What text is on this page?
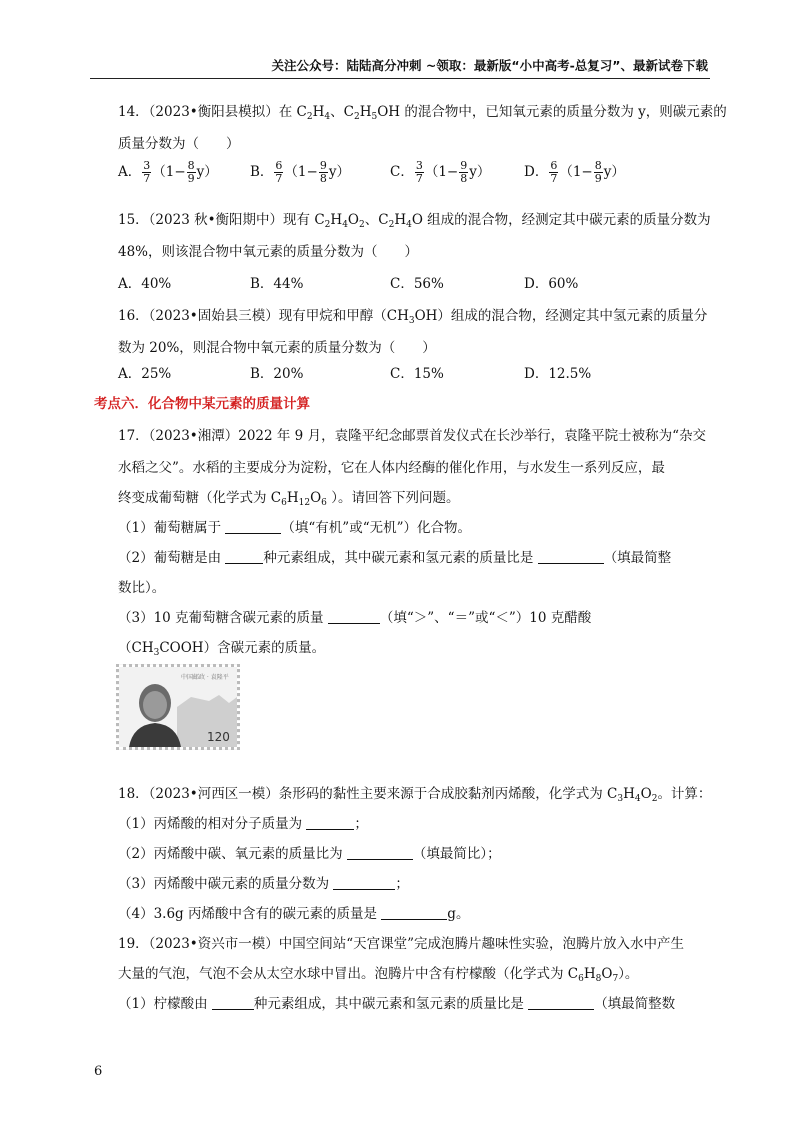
关注公众号：陆陆高分冲刺 ~领取：最新版“小中高考-总复习”、最新试卷下载
14．（2023•衡阳县模拟）在 $C_2H_4$、$C_2H_5OH$ 的混合物中，已知氧元素的质量分数为 y，则碳元素的
质量分数为（　　）
A． $\frac{3}{7} (1- \frac{8}{9} y)$ B． $\frac{6}{7} (1- \frac{9}{8} y)$	C． $\frac{3}{7} (1- \frac{9}{8} y)$ D． $\frac{6}{7} (1- \frac{8}{9} y)$
15．（2023 秋•衡阳期中）现有 $C_2H_4O_2$、$C_2H_4O$ 组成的混合物，经测定其中碳元素的质量分数为
48%，则该混合物中氧元素的质量分数为（　　）
A．40%	B．44%	C．56%	D．60%
16．（2023•固始县三模）现有甲烷和甲醇$(CH_3OH)$组成的混合物，经测定其中氢元素的质量分
数为 20%，则混合物中氧元素的质量分数为（　　）
A．25%	B．20%	C．15%	D．12.5%
考点六．化合物中某元素的质量计算
17．（2023•湘潭）2022 年 9 月，袁隆平纪念邮票首发仪式在长沙举行，袁隆平院士被称为“杂交
水稻之父”。水稻的主要成分为淀粉，它在人体内经酶的催化作用，与水发生一系列反应，最
终变成葡萄糖（化学式为 $C_6H_{12}O_6$ ）。请回答下列问题。
（1）葡萄糖属于	（填“有机”或“无机”）化合物。
（2）葡萄糖是由	种元素组成，其中碳元素和氢元素的质量比是	（填最简整
数比）。
（3）10 克葡萄糖含碳元素的质量	（填“＞”、“＝”或“＜”）10 克醋酸
$(CH_3COOH)$含碳元素的质量。
18．（2023•河西区一模）条形码的黏性主要来源于合成胶黏剂丙烯酸，化学式为 $C_3H_4O_2$。计算：
（1）丙烯酸的相对分子质量为	；
（2）丙烯酸中碳、氧元素的质量比为	（填最简比）；
（3）丙烯酸中碳元素的质量分数为	；
（4）3.6g 丙烯酸中含有的碳元素的质量是	g。
19．（2023•资兴市一模）中国空间站“天宫课堂”完成泡腾片趣味性实验，泡腾片放入水中产生
大量的气泡，气泡不会从太空水球中冒出。泡腾片中含有柠檬酸（化学式为 $C_6H_8O_7$）。
（1）柠檬酸由	种元素组成，其中碳元素和氢元素的质量比是	（填最简整数
120
中国邮政 · 袁隆平
6
